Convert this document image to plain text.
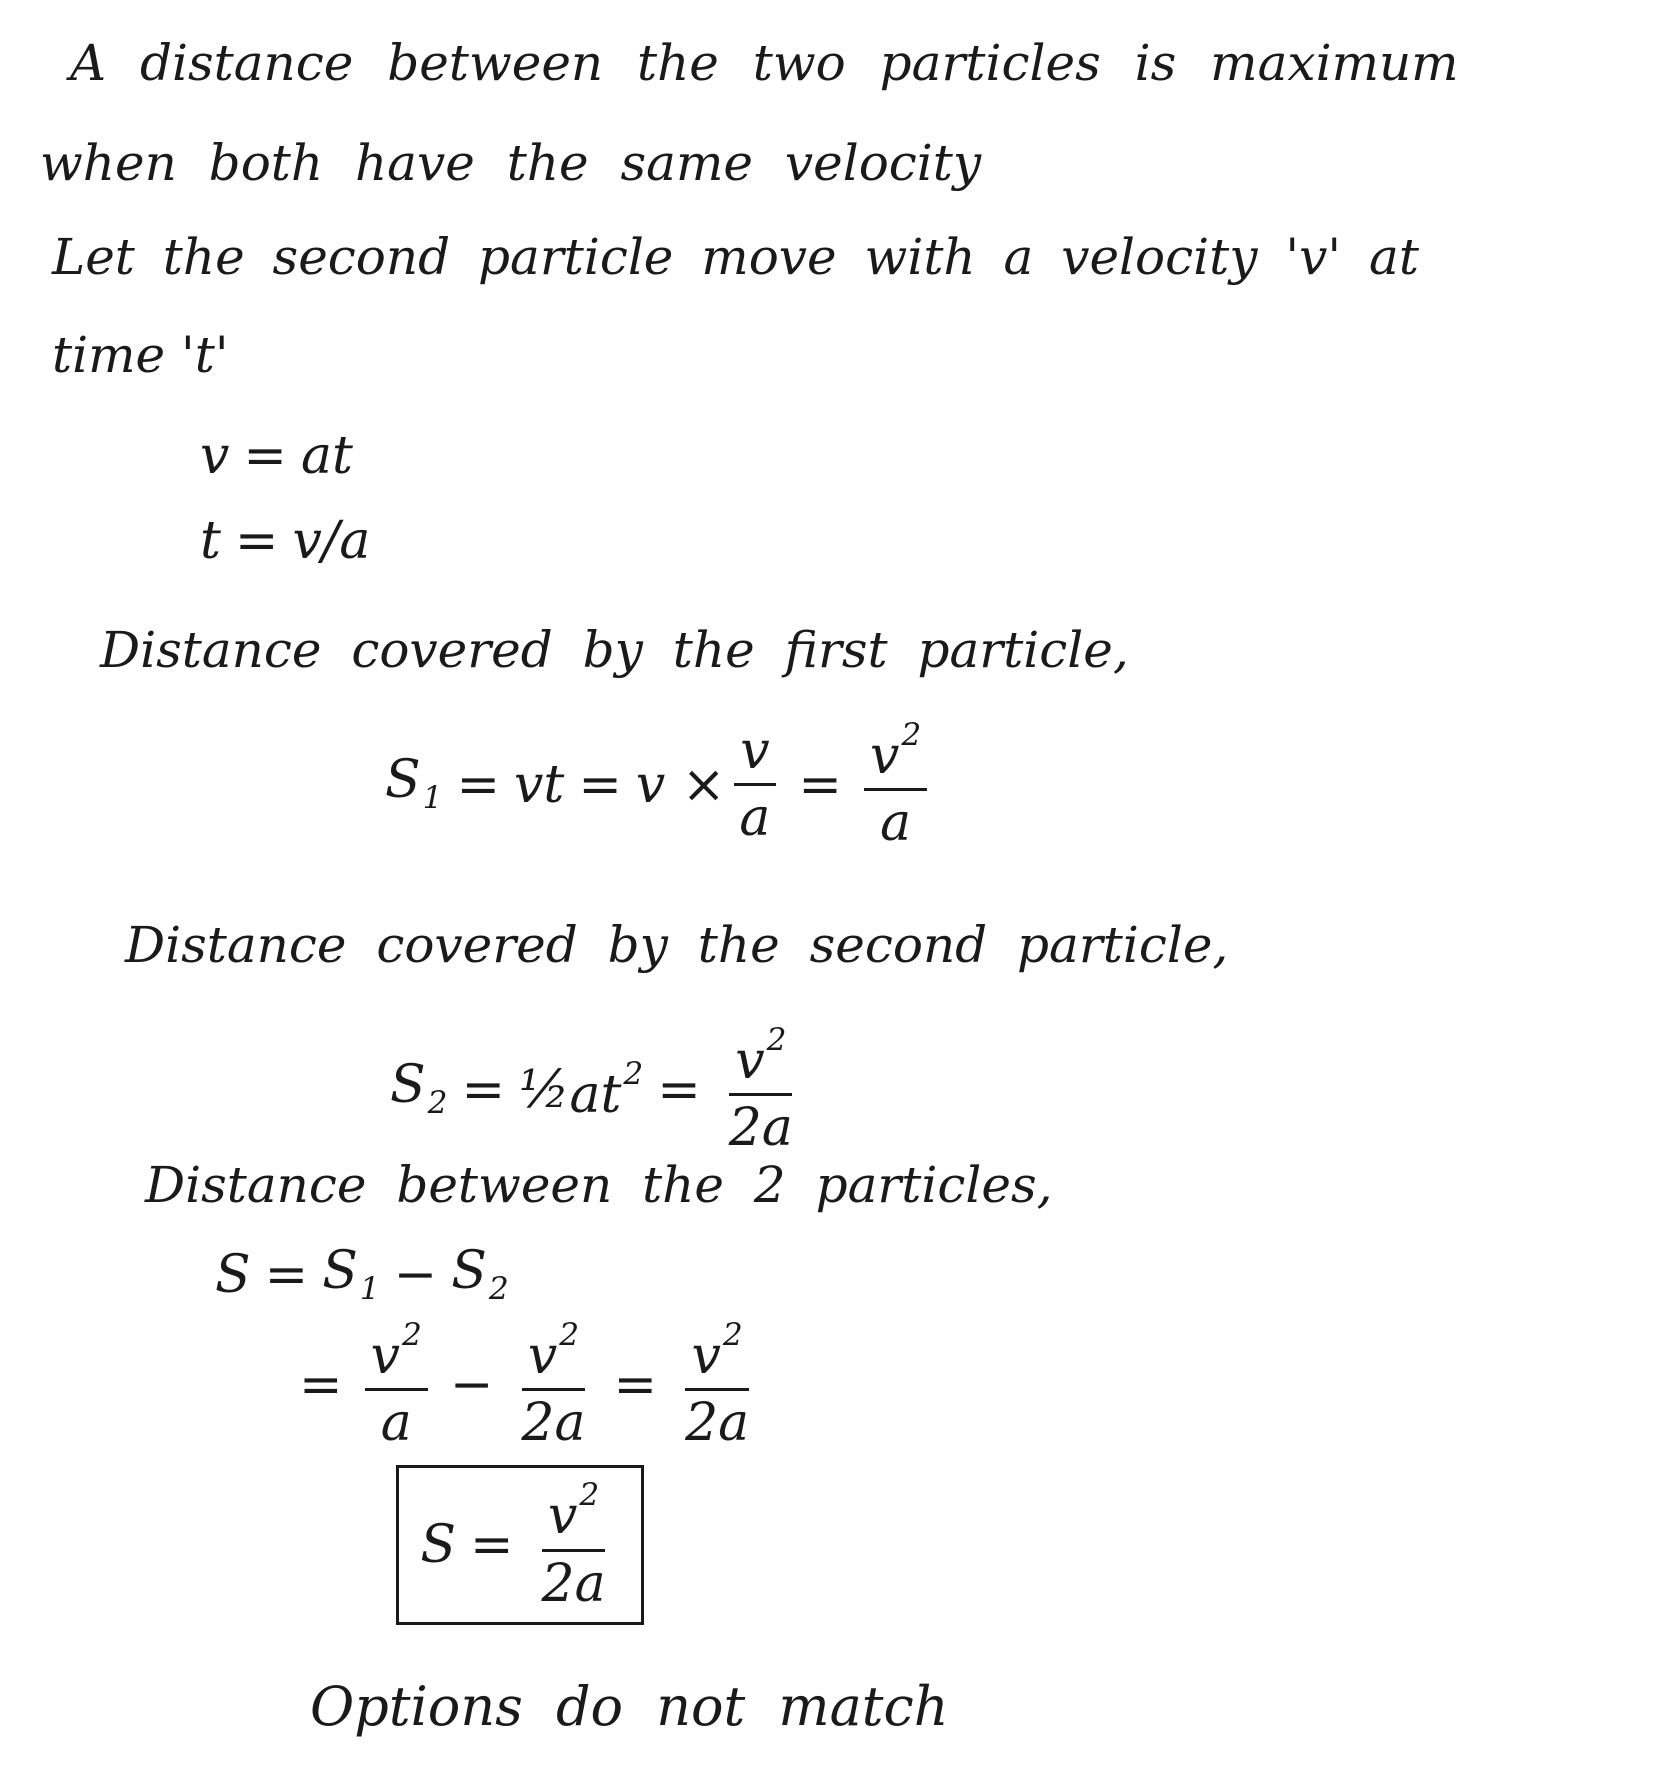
A distance between the two particles is maximum
when both have the same velocity
Let the second particle move with a velocity 'v' at
time 't'
v = at
t = v/a
Distance covered by the first particle,
$S_1$ = vt = $v \times \frac{v}{a} = \frac{v^2}{a}$
Distance covered by the second particle,
$S_2$ = ½ $at^2 = \frac{v^2}{2a}$
Distance between the 2 particles,
$S = S_1 - S_2$
= $\frac{v^2}{a} - \frac{v^2}{2a} = \frac{v^2}{2a}$
$S = \frac{v^2}{2a}$
Options do not match
